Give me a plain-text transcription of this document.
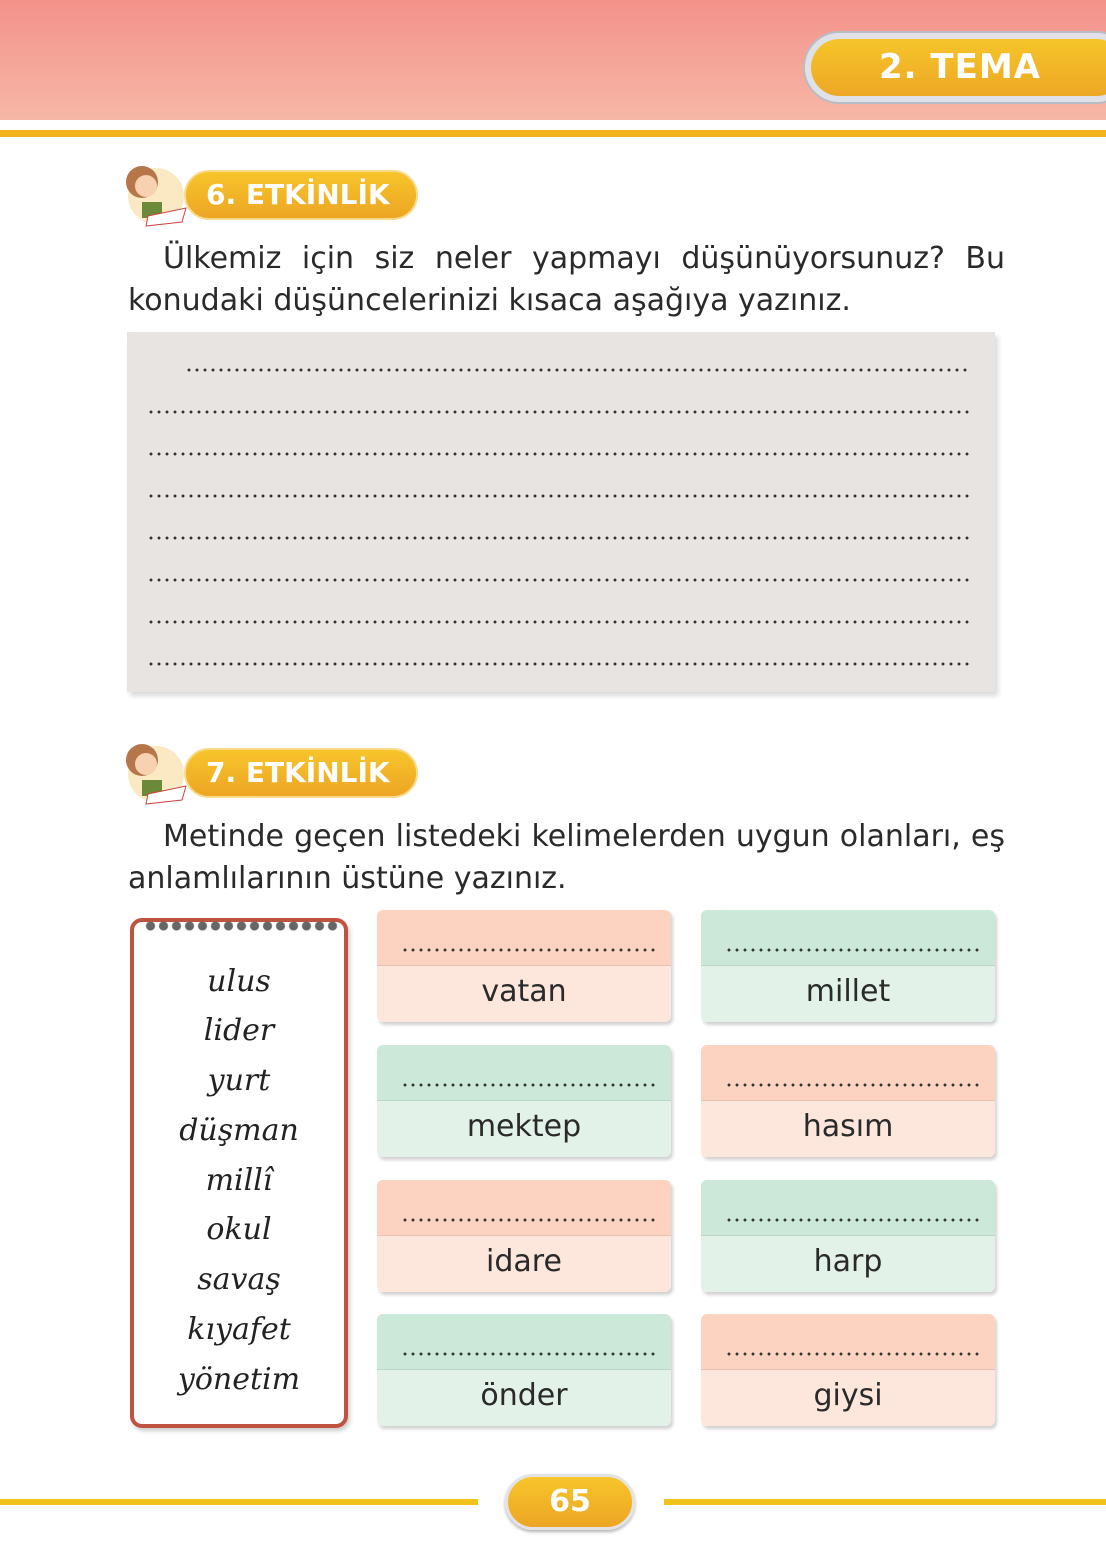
2. TEMA
6. ETKİNLİK
Ülkemiz için siz neler yapmayı düşünüyorsunuz? Bu konudaki düşüncelerinizi kısaca aşağıya yazınız.
7. ETKİNLİK
Metinde geçen listedeki kelimelerden uygun olanları, eş anlamlılarının üstüne yazınız.
ulus
lider
yurt
düşman
millî
okul
savaş
kıyafet
yönetim
vatan	millet
mektep	hasım
idare	harp
önder	giysi
65
